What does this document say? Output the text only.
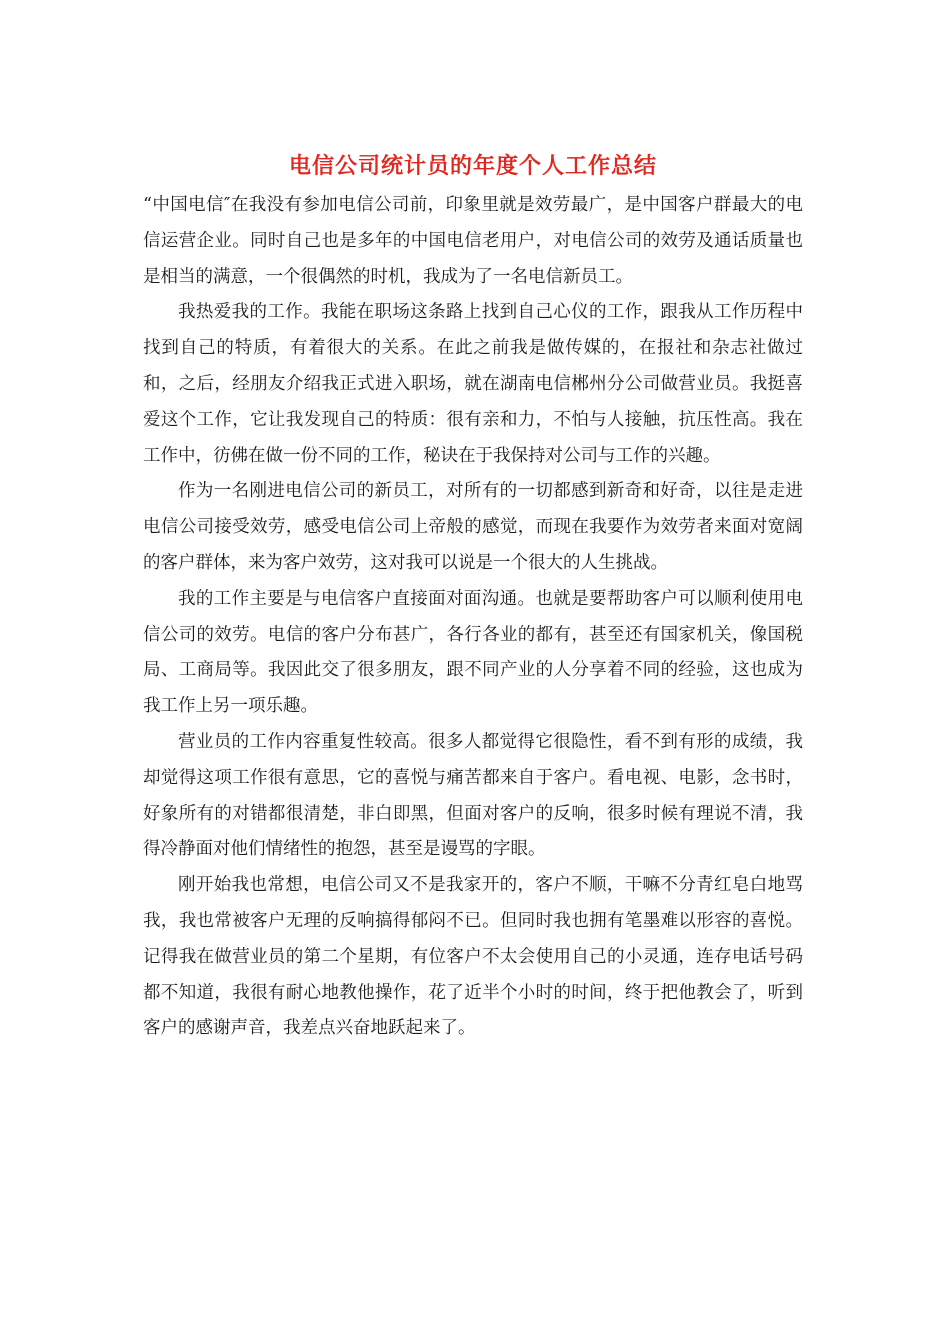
电信公司统计员的年度个人工作总结

“中国电信″在我没有参加电信公司前，印象里就是效劳最广，是中国客户群最大的电信运营企业。同时自己也是多年的中国电信老用户，对电信公司的效劳及通话质量也是相当的满意，一个很偶然的时机，我成为了一名电信新员工。

我热爱我的工作。我能在职场这条路上找到自己心仪的工作，跟我从工作历程中找到自己的特质，有着很大的关系。在此之前我是做传媒的，在报社和杂志社做过和，之后，经朋友介绍我正式进入职场，就在湖南电信郴州分公司做营业员。我挺喜爱这个工作，它让我发现自己的特质：很有亲和力，不怕与人接触，抗压性高。我在工作中，彷佛在做一份不同的工作，秘诀在于我保持对公司与工作的兴趣。

作为一名刚进电信公司的新员工，对所有的一切都感到新奇和好奇，以往是走进电信公司接受效劳，感受电信公司上帝般的感觉，而现在我要作为效劳者来面对宽阔的客户群体，来为客户效劳，这对我可以说是一个很大的人生挑战。

我的工作主要是与电信客户直接面对面沟通。也就是要帮助客户可以顺利使用电信公司的效劳。电信的客户分布甚广，各行各业的都有，甚至还有国家机关，像国税局、工商局等。我因此交了很多朋友，跟不同产业的人分享着不同的经验，这也成为我工作上另一项乐趣。

营业员的工作内容重复性较高。很多人都觉得它很隐性，看不到有形的成绩，我却觉得这项工作很有意思，它的喜悦与痛苦都来自于客户。看电视、电影，念书时，好象所有的对错都很清楚，非白即黑，但面对客户的反响，很多时候有理说不清，我得冷静面对他们情绪性的抱怨，甚至是谩骂的字眼。

刚开始我也常想，电信公司又不是我家开的，客户不顺，干嘛不分青红皂白地骂我，我也常被客户无理的反响搞得郁闷不已。但同时我也拥有笔墨难以形容的喜悦。记得我在做营业员的第二个星期，有位客户不太会使用自己的小灵通，连存电话号码都不知道，我很有耐心地教他操作，花了近半个小时的时间，终于把他教会了，听到客户的感谢声音，我差点兴奋地跃起来了。
